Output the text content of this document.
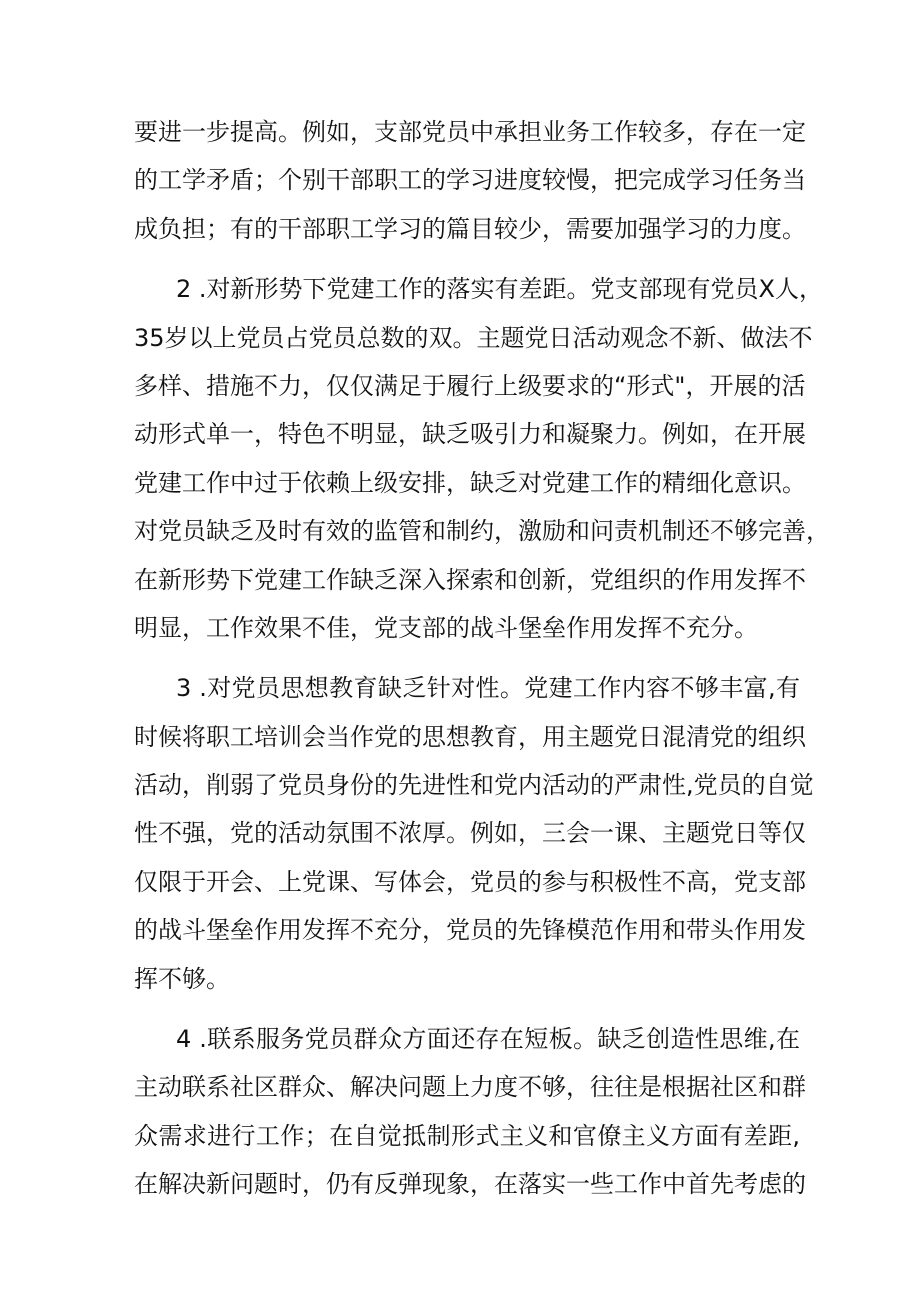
要进一步提高。例如，支部党员中承担业务工作较多，存在一定
的工学矛盾；个别干部职工的学习进度较慢，把完成学习任务当
成负担；有的干部职工学习的篇目较少，需要加强学习的力度。
2 .对新形势下党建工作的落实有差距。党支部现有党员X人，
35岁以上党员占党员总数的双。主题党日活动观念不新、做法不
多样、措施不力，仅仅满足于履行上级要求的“形式"，开展的活
动形式单一，特色不明显，缺乏吸引力和凝聚力。例如，在开展
党建工作中过于依赖上级安排，缺乏对党建工作的精细化意识。
对党员缺乏及时有效的监管和制约，激励和问责机制还不够完善，
在新形势下党建工作缺乏深入探索和创新，党组织的作用发挥不
明显，工作效果不佳，党支部的战斗堡垒作用发挥不充分。
3 .对党员思想教育缺乏针对性。党建工作内容不够丰富,有
时候将职工培训会当作党的思想教育，用主题党日混清党的组织
活动，削弱了党员身份的先进性和党内活动的严肃性,党员的自觉
性不强，党的活动氛围不浓厚。例如，三会一课、主题党日等仅
仅限于开会、上党课、写体会，党员的参与积极性不高，党支部
的战斗堡垒作用发挥不充分，党员的先锋模范作用和带头作用发
挥不够。
4 .联系服务党员群众方面还存在短板。缺乏创造性思维,在
主动联系社区群众、解决问题上力度不够，往往是根据社区和群
众需求进行工作；在自觉抵制形式主义和官僚主义方面有差距,
在解决新问题时，仍有反弹现象，在落实一些工作中首先考虑的
